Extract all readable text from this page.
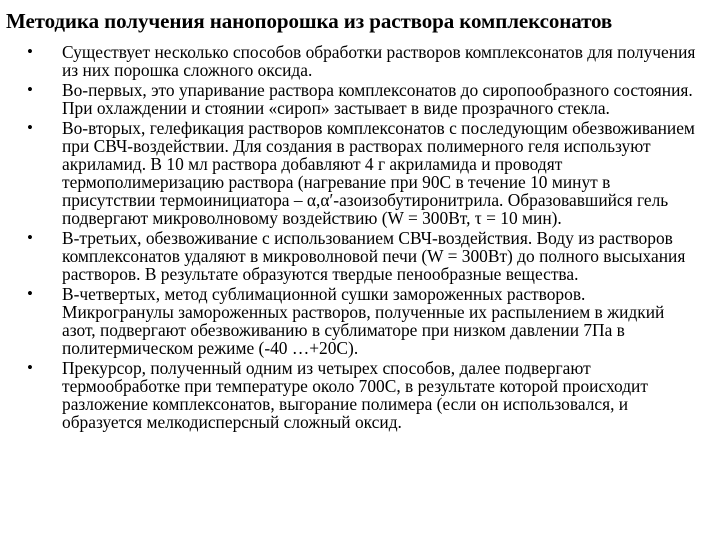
Методика получения нанопорошка из раствора комплексонатов
• Существует несколько способов обработки растворов комплексонатов для получения из них порошка сложного оксида.
• Во-первых, это упаривание раствора комплексонатов до сиропообразного состояния. При охлаждении и стоянии «сироп» застывает в виде прозрачного стекла.
• Во-вторых, гелефикация растворов комплексонатов с последующим обезвоживанием при СВЧ-воздействии. Для создания в растворах полимерного геля используют акриламид. В 10 мл раствора добавляют 4 г акриламида и проводят термополимеризацию раствора (нагревание при 90С в течение 10 минут в присутствии термоинициатора – α,α′-азоизобутиронитрила. Образовавшийся гель подвергают микроволновому воздействию (W = 300Вт, τ = 10 мин).
• В-третьих, обезвоживание с использованием СВЧ-воздействия. Воду из растворов комплексонатов удаляют в микроволновой печи (W = 300Вт) до полного высыхания растворов. В результате образуются твердые пенообразные вещества.
• В-четвертых, метод сублимационной сушки замороженных растворов. Микрогранулы замороженных растворов, полученные их распылением в жидкий азот, подвергают обезвоживанию в сублиматоре при низком давлении 7Па в политермическом режиме (-40 …+20С).
• Прекурсор, полученный одним из четырех способов, далее подвергают термообработке при температуре около 700С, в результате которой происходит разложение комплексонатов, выгорание полимера (если он использовался, и образуется мелкодисперсный сложный оксид.
